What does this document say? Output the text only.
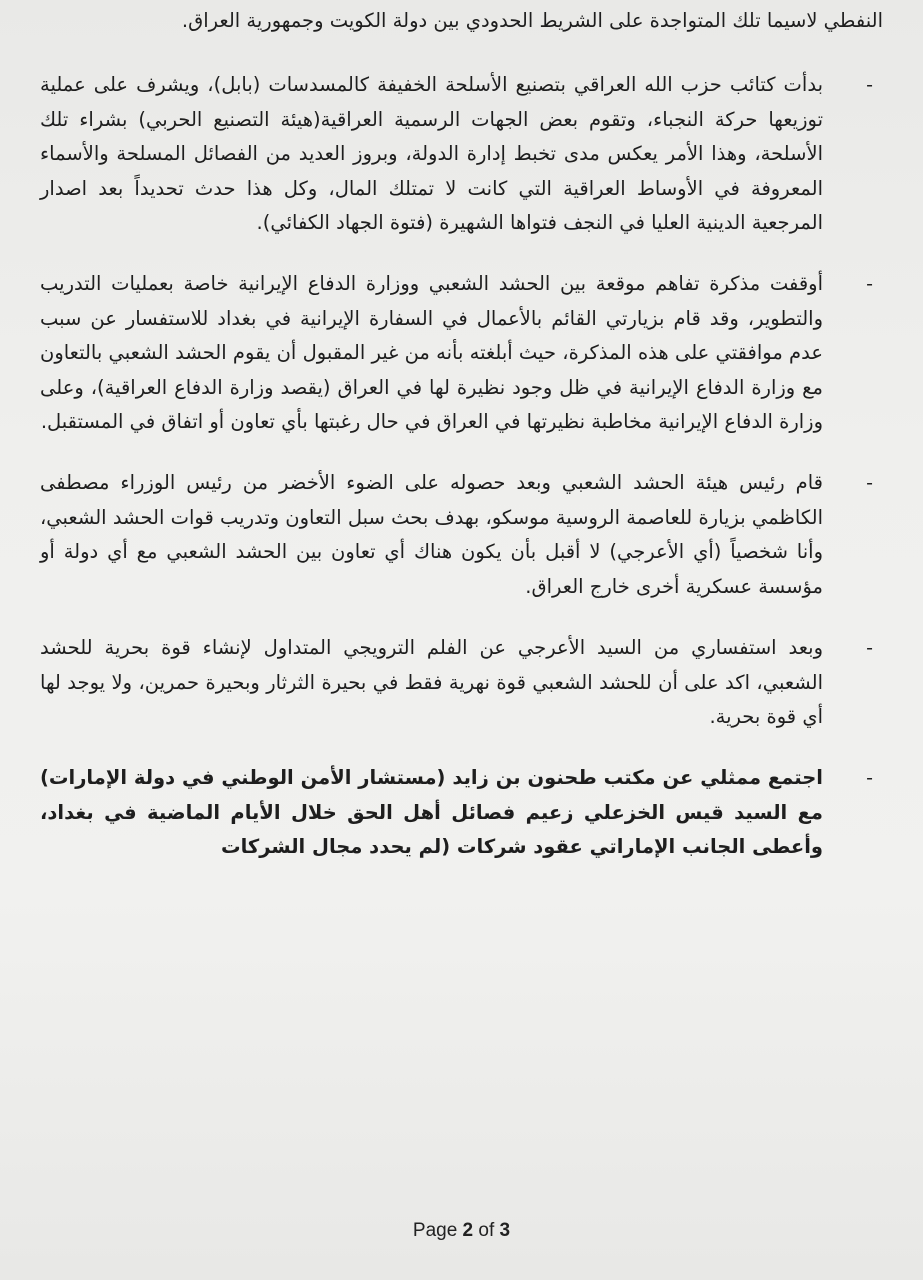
النفطي لاسيما تلك المتواجدة على الشريط الحدودي بين دولة الكويت وجمهورية العراق.

-
بدأت كتائب حزب الله العراقي بتصنيع الأسلحة الخفيفة كالمسدسات (بابل)، ويشرف على عملية توزيعها حركة النجباء، وتقوم بعض الجهات الرسمية العراقية(هيئة التصنيع الحربي) بشراء تلك الأسلحة، وهذا الأمر يعكس مدى تخبط إدارة الدولة، وبروز العديد من الفصائل المسلحة والأسماء المعروفة في الأوساط العراقية التي كانت لا تمتلك المال، وكل هذا حدث تحديداً بعد اصدار المرجعية الدينية العليا في النجف فتواها الشهيرة (فتوة الجهاد الكفائي).

-
أوقفت مذكرة تفاهم موقعة بين الحشد الشعبي ووزارة الدفاع الإيرانية خاصة بعمليات التدريب والتطوير، وقد قام بزيارتي القائم بالأعمال في السفارة الإيرانية في بغداد للاستفسار عن سبب عدم موافقتي على هذه المذكرة، حيث أبلغته بأنه من غير المقبول أن يقوم الحشد الشعبي بالتعاون مع وزارة الدفاع الإيرانية في ظل وجود نظيرة لها في العراق (يقصد وزارة الدفاع العراقية)، وعلى وزارة الدفاع الإيرانية مخاطبة نظيرتها في العراق في حال رغبتها بأي تعاون أو اتفاق في المستقبل.

-
قام رئيس هيئة الحشد الشعبي وبعد حصوله على الضوء الأخضر من رئيس الوزراء مصطفى الكاظمي بزيارة للعاصمة الروسية موسكو، بهدف بحث سبل التعاون وتدريب قوات الحشد الشعبي، وأنا شخصياً (أي الأعرجي) لا أقبل بأن يكون هناك أي تعاون بين الحشد الشعبي مع أي دولة أو مؤسسة عسكرية أخرى خارج العراق.

-
وبعد استفساري من السيد الأعرجي عن الفلم الترويجي المتداول لإنشاء قوة بحرية للحشد الشعبي، اكد على أن للحشد الشعبي قوة نهرية فقط في بحيرة الثرثار وبحيرة حمرين، ولا يوجد لها أي قوة بحرية.

-
اجتمع ممثلي عن مكتب طحنون بن زايد (مستشار الأمن الوطني في دولة الإمارات) مع السيد قيس الخزعلي زعيم فصائل أهل الحق خلال الأيام الماضية في بغداد، وأعطى الجانب الإماراتي عقود شركات (لم يحدد مجال الشركات

Page 2 of 3
